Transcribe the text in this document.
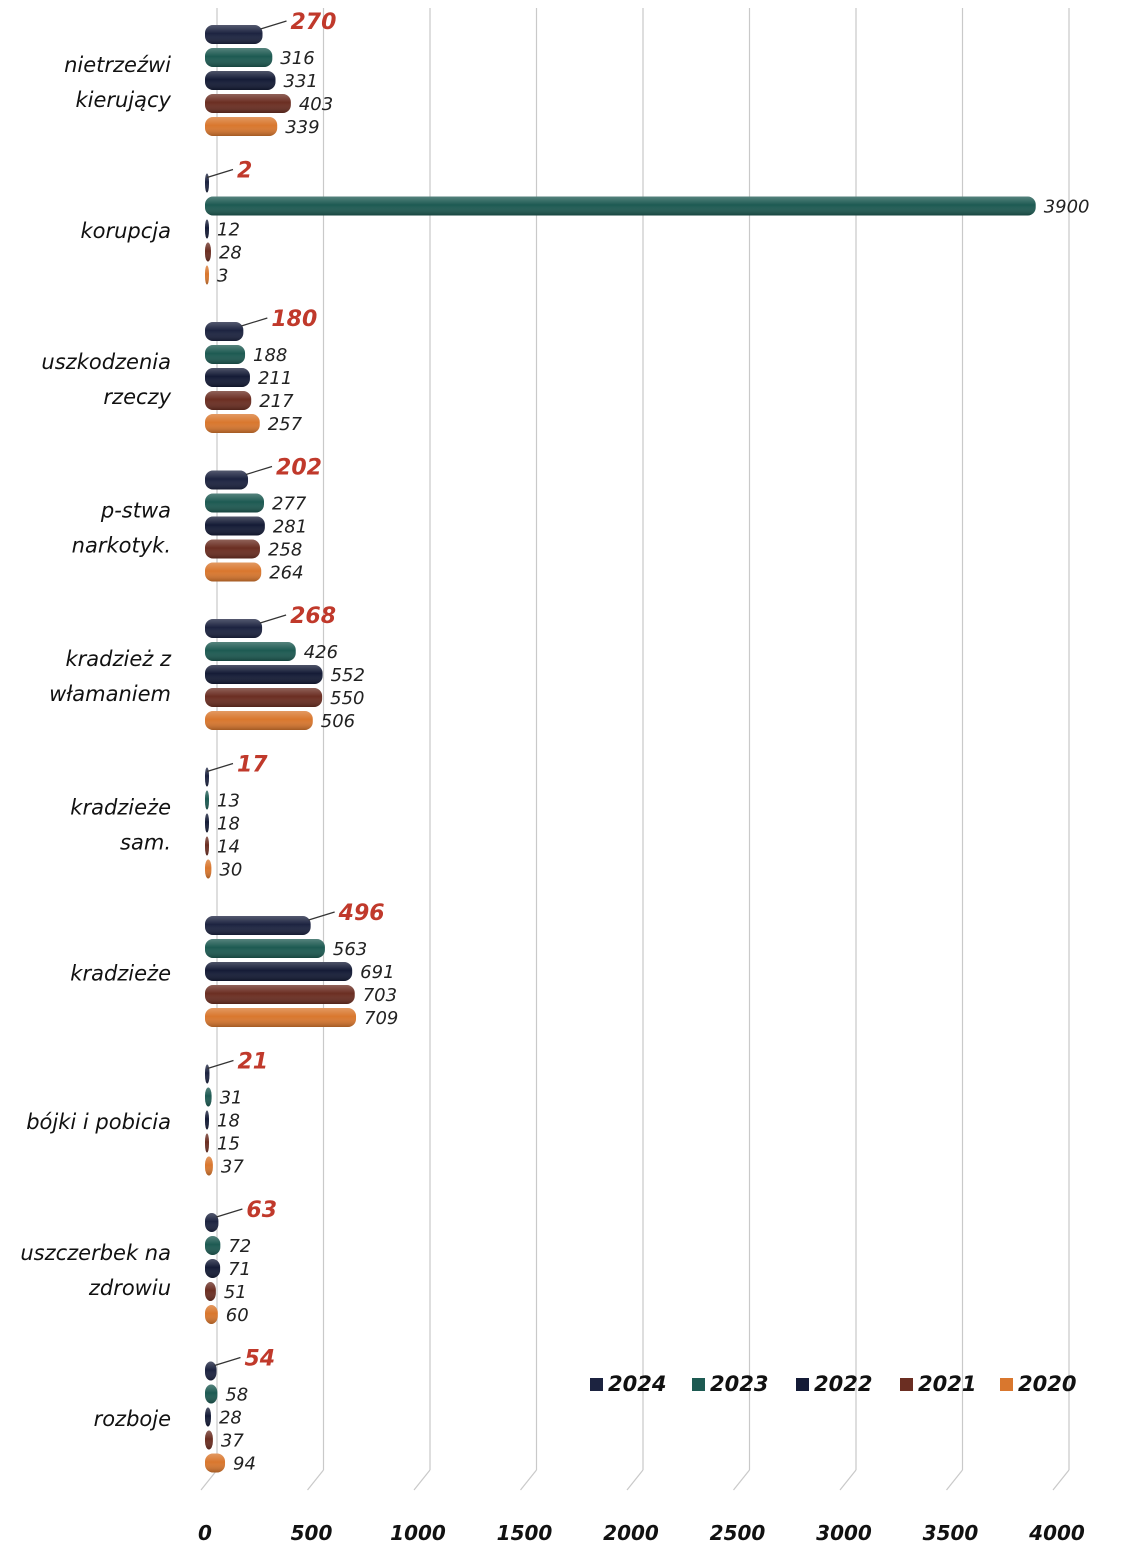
270
316
331
403
339
2
3900
12
28
3
180
188
211
217
257
202
277
281
258
264
268
426
552
550
506
17
13
18
14
30
496
563
691
703
709
21
31
18
15
37
63
72
71
51
60
54
58
28
37
94
nietrzeźwi
kierujący
korupcja
uszkodzenia
rzeczy
p-stwa
narkotyk.
kradzież z
włamaniem
kradzieże
sam.
kradzieże
bójki i pobicia
uszczerbek na
zdrowiu
rozboje
0	500	1000	1500	2000	2500	3000	3500	4000
2024 2023 2022 2021 2020
